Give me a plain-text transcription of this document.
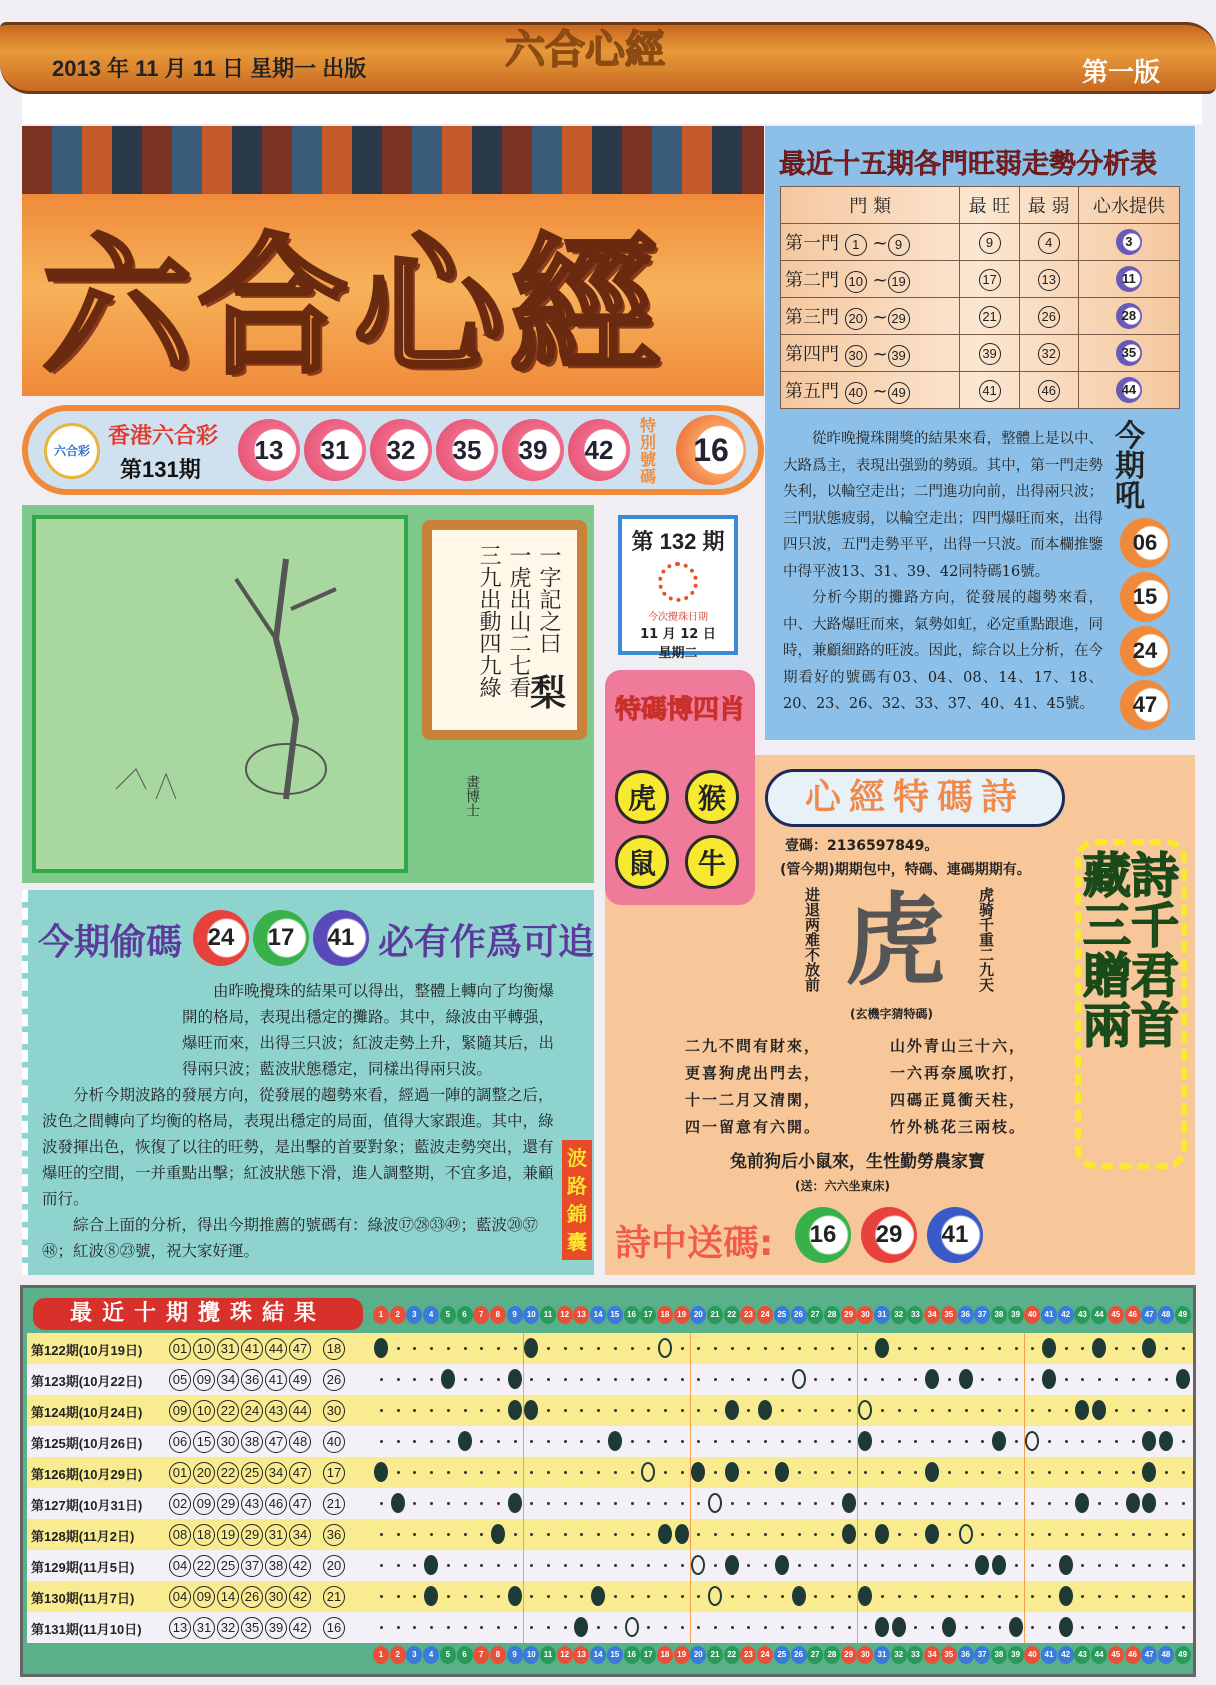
2013 年 11 月 11 日 星期一 出版	六合心經	第一版
六合心經
六合彩
香港六合彩
第131期
13	31	32	35	39	42
特別號碼
16
一字記之曰
一虎出山二七看
三九出動四九綠 梨
畫博士
第 132 期
今次攪珠日期
11 月 12 日
星期二
特碼博四肖
虎	猴
鼠	牛
最近十五期各門旺弱走勢分析表
門 類	最 旺	最 弱	心水提供
第一門 1 ~ 9	9	4	3
第二門 10 ~ 19	17	13	11
第三門 20 ~ 29	21	26	28
第四門 30 ~ 39	39	32	35
第五門 40 ~ 49	41	46	44

從昨晚攪珠開獎的結果來看，整體上是以中、大路爲主，表現出强勁的勢頭。其中，第一門走勢失利，以輪空走出；二門進功向前，出得兩只波；三門狀態疲弱，以輪空走出；四門爆旺而來，出得四只波，五門走勢平平，出得一只波。而本欄推鑒中得平波13、31、39、42同特碼16號。

分析今期的攤路方向，從發展的趨勢來看，中、大路爆旺而來，氣勢如虹，必定重點跟進，同時，兼顧細路的旺波。因此，綜合以上分析，在今期看好的號碼有03、04、08、14、17、18、20、23、26、32、33、37、40、41、45號。

今期吼
06
15
24
47
心經特碼詩
壹碼：2136597849。
(管今期)期期包中，特碼、連碼期期有。
进退两难不放前	虎骑千重二九天
虎
(玄機字猜特碼)
二九不問有財來，
更喜狗虎出門去，
十一二月又清閑，
四一留意有六開。
山外青山三十六，
一六再奈風吹打，
四碼正覓衝天柱，
竹外桃花三兩枝。
兔前狗后小鼠來，生性勤勞農家寶
(送：六六坐東床)
藏詩三千 贈君兩首
詩中送碼:	16	29	41
今期偷碼	24	17	41 必有作爲可追

由昨晚攪珠的結果可以得出，整體上轉向了均衡爆開的格局，表現出穩定的攤路。其中，綠波由平轉强，爆旺而來，出得三只波；紅波走勢上升，緊隨其后，出得兩只波；藍波狀態穩定，同樣出得兩只波。

分析今期波路的發展方向，從發展的趨勢來看，經過一陣的調整之后，波色之間轉向了均衡的格局，表現出穩定的局面，值得大家跟進。其中，綠波發揮出色，恢復了以往的旺勢，是出擊的首要對象；藍波走勢突出，還有爆旺的空間，一并重點出擊；紅波狀態下滑，進人調整期，不宜多追，兼顧而行。

綜合上面的分析，得出今期推薦的號碼有：綠波⑰㉘㉝㊾；藍波⑳㊲㊽；紅波⑧㉓號，祝大家好運。

波路錦囊
最近十期攪珠結果	1
1
2
2
3
3
4
4
5
5
6
6
7
7
8
8
9
9
10
10
11
11
12
12
13
13
14
14
15
15
16
16
17
17
18
18
19
19
20
20
21
21
22
22
23
23
24
24
25
25
26
26
27
27
28
28
29
29
30
30
31
31
32
32
33
33
34
34
35
35
36
36
37
37
38
38
39
39
40
40
41
41
42
42
43
43
44
44
45
45
46
46
47
47
48
48
49
49
第122期(10月19日) 01 10 31 41 44 47 18
第123期(10月22日) 05 09 34 36 41 49 26
第124期(10月24日) 09 10 22 24 43 44 30
第125期(10月26日) 06 15 30 38 47 48 40
第126期(10月29日) 01 20 22 25 34 47 17
第127期(10月31日) 02 09 29 43 46 47 21
第128期(11月2日)	08 18 19 29 31 34 36
第129期(11月5日)	04 22 25 37 38 42 20
第130期(11月7日)	04 09 14 26 30 42 21
第131期(11月10日) 13 31 32 35 39 42 16
